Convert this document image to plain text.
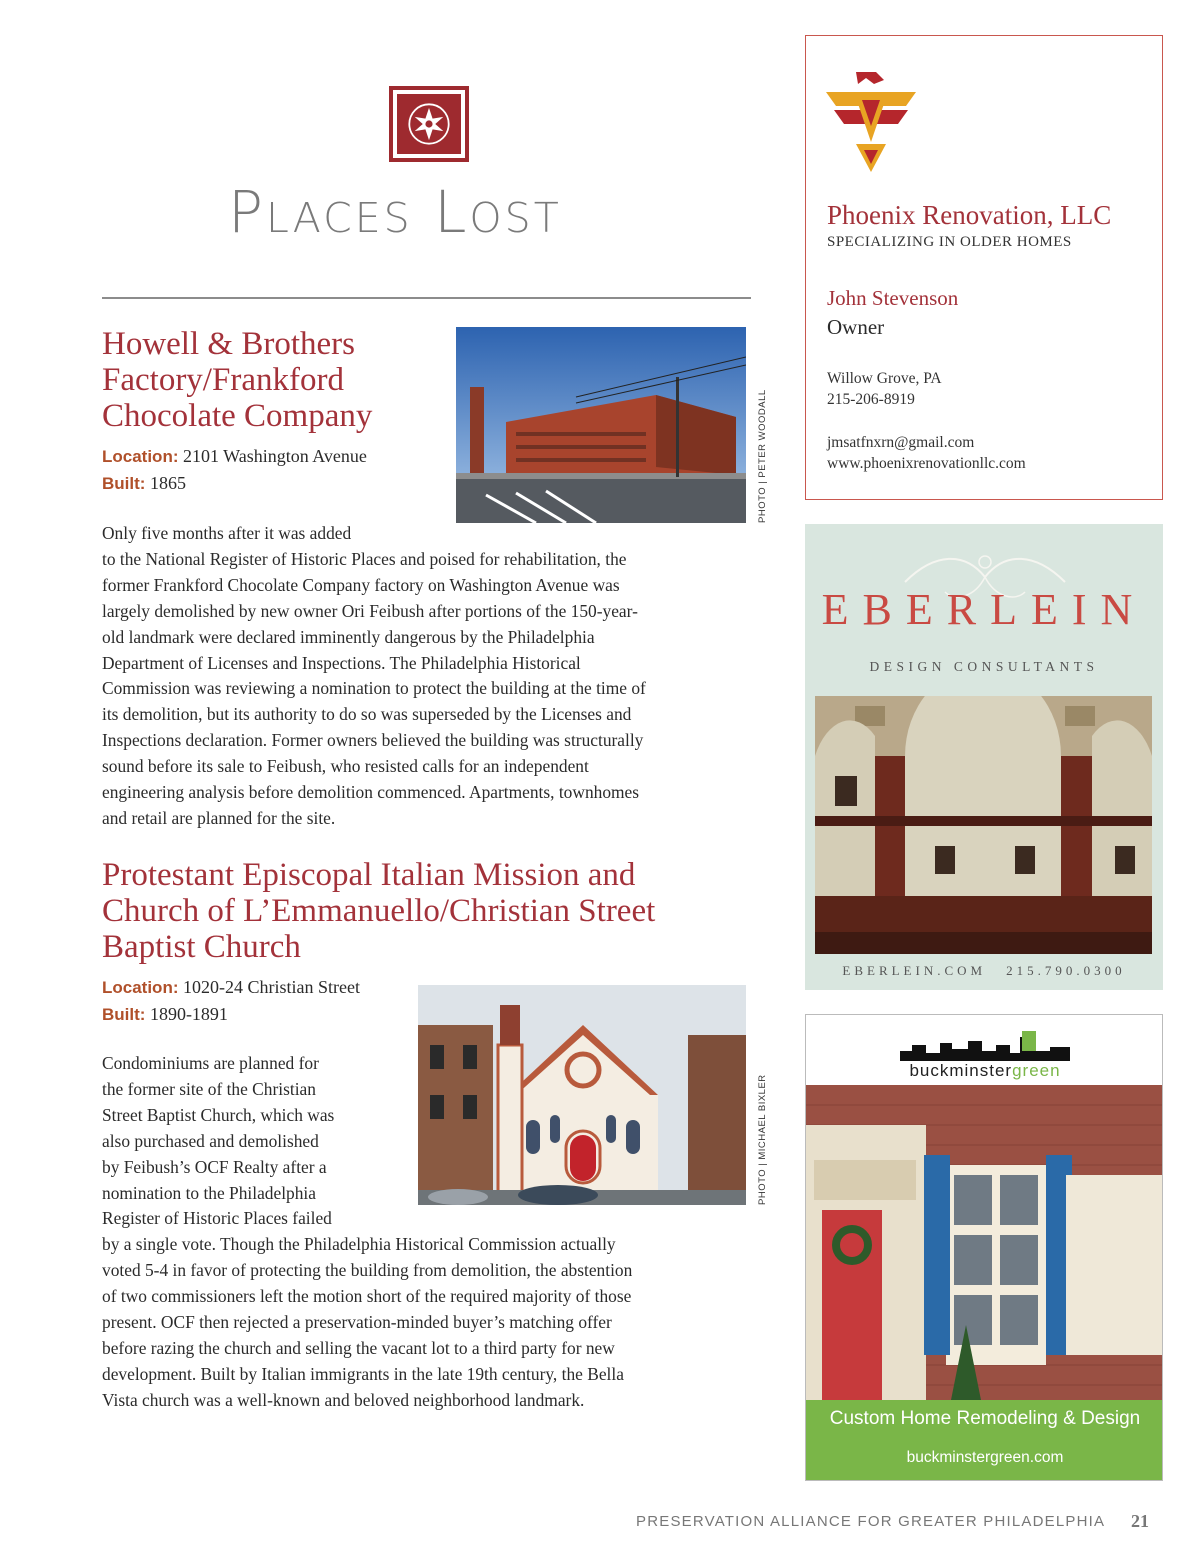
Places Lost
Howell & Brothers
Factory/Frankford
Chocolate Company
Location: 2101 Washington Avenue
Built: 1865	PHOTO | PETER WOODALL
Only five months after it was added
to the National Register of Historic Places and poised for rehabilitation, the
former Frankford Chocolate Company factory on Washington Avenue was
largely demolished by new owner Ori Feibush after portions of the 150-year-
old landmark were declared imminently dangerous by the Philadelphia
Department of Licenses and Inspections. The Philadelphia Historical
Commission was reviewing a nomination to protect the building at the time of
its demolition, but its authority to do so was superseded by the Licenses and
Inspections declaration. Former owners believed the building was structurally
sound before its sale to Feibush, who resisted calls for an independent
engineering analysis before demolition commenced. Apartments, townhomes
and retail are planned for the site.
Protestant Episcopal Italian Mission and
Church of L’Emmanuello/Christian Street
Baptist Church
Location: 1020-24 Christian Street
Built: 1890-1891
PHOTO | MICHAEL BIXLER
Condominiums are planned for
the former site of the Christian
Street Baptist Church, which was
also purchased and demolished
by Feibush’s OCF Realty after a
nomination to the Philadelphia
Register of Historic Places failed
by a single vote. Though the Philadelphia Historical Commission actually
voted 5-4 in favor of protecting the building from demolition, the abstention
of two commissioners left the motion short of the required majority of those
present. OCF then rejected a preservation-minded buyer’s matching offer
before razing the church and selling the vacant lot to a third party for new
development. Built by Italian immigrants in the late 19th century, the Bella
Vista church was a well-known and beloved neighborhood landmark.
Phoenix Renovation, LLC
SPECIALIZING IN OLDER HOMES
John Stevenson
Owner
Willow Grove, PA
215-206-8919
jmsatfnxrn@gmail.com
www.phoenixrenovationllc.com
EBERLEIN
DESIGN CONSULTANTS
EBERLEIN.COM 215.790.0300
buckminstergreen
Custom Home Remodeling & Design
buckminstergreen.com
PRESERVATION ALLIANCE FOR GREATER PHILADELPHIA 21
